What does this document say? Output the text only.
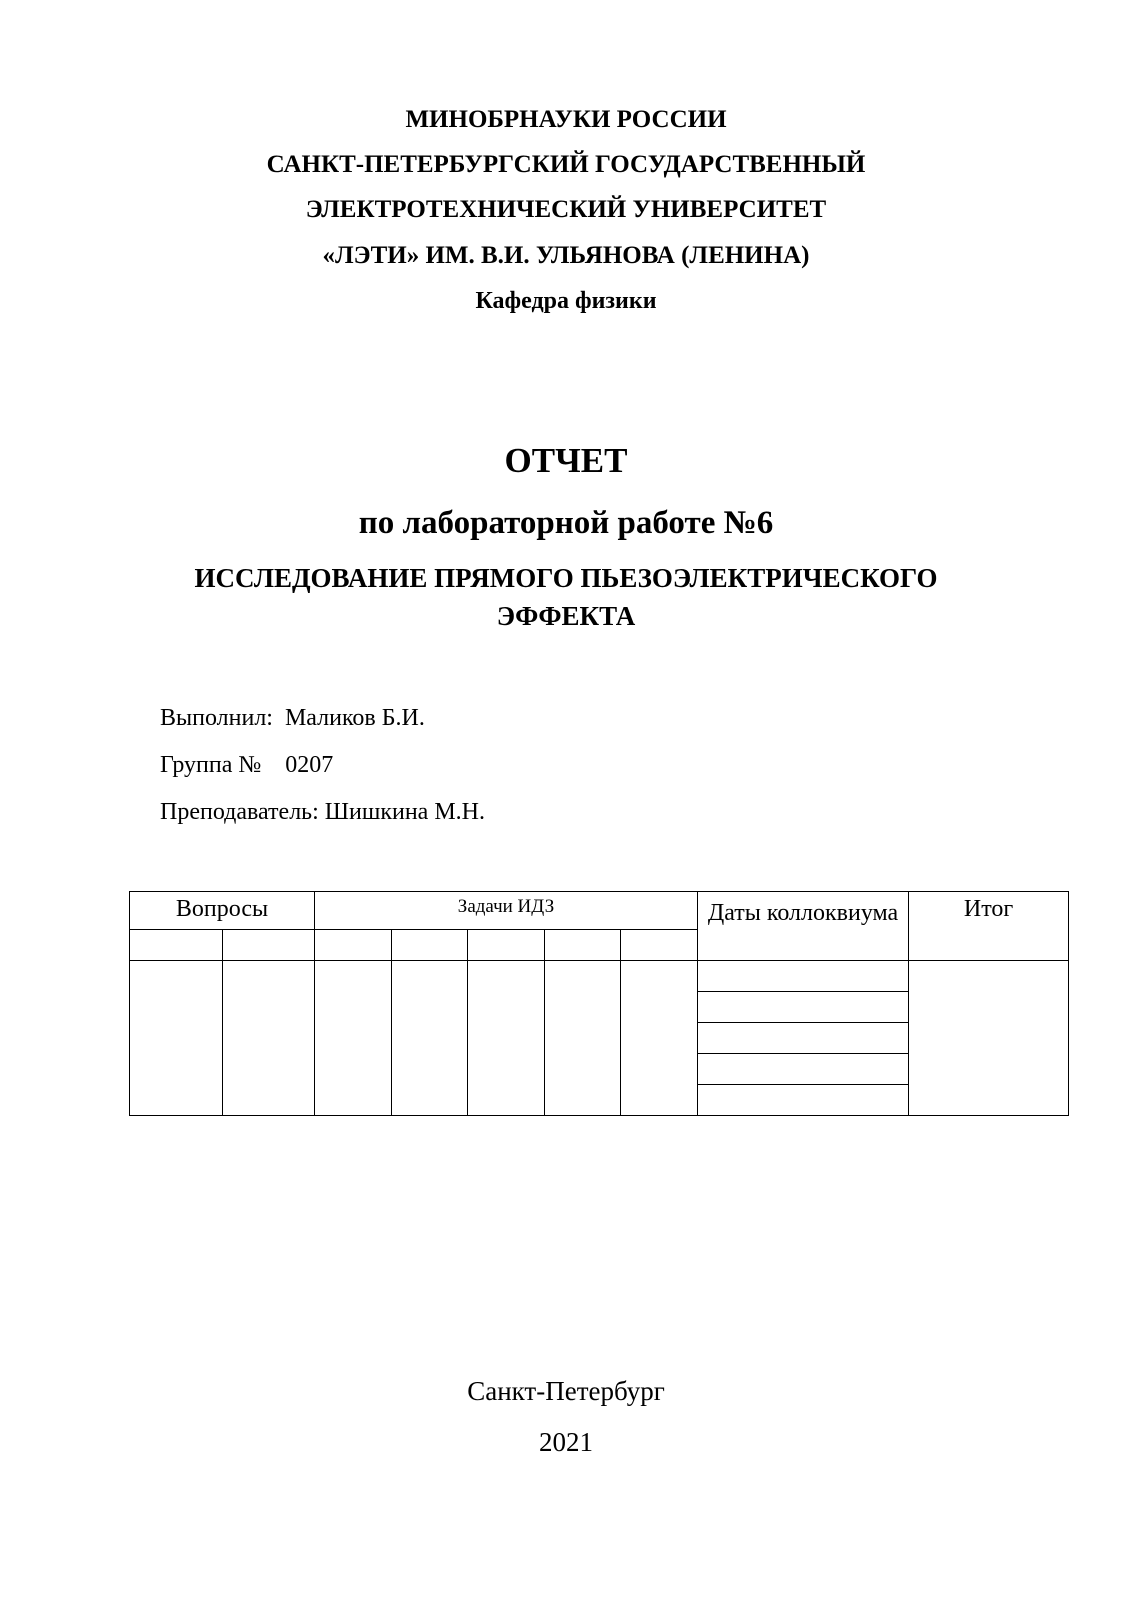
МИНОБРНАУКИ РОССИИ
САНКТ-ПЕТЕРБУРГСКИЙ ГОСУДАРСТВЕННЫЙ
ЭЛЕКТРОТЕХНИЧЕСКИЙ УНИВЕРСИТЕТ
«ЛЭТИ» ИМ. В.И. УЛЬЯНОВА (ЛЕНИНА)
Кафедра физики
ОТЧЕТ
по лабораторной работе №6
ИССЛЕДОВАНИЕ ПРЯМОГО ПЬЕЗОЭЛЕКТРИЧЕСКОГО
ЭФФЕКТА
Выполнил: Маликов Б.И.
Группа № 0207
Преподаватель: Шишкина М.Н.
Вопросы		Задачи ИДЗ					Даты коллоквиума	Итог

Санкт-Петербург
2021
